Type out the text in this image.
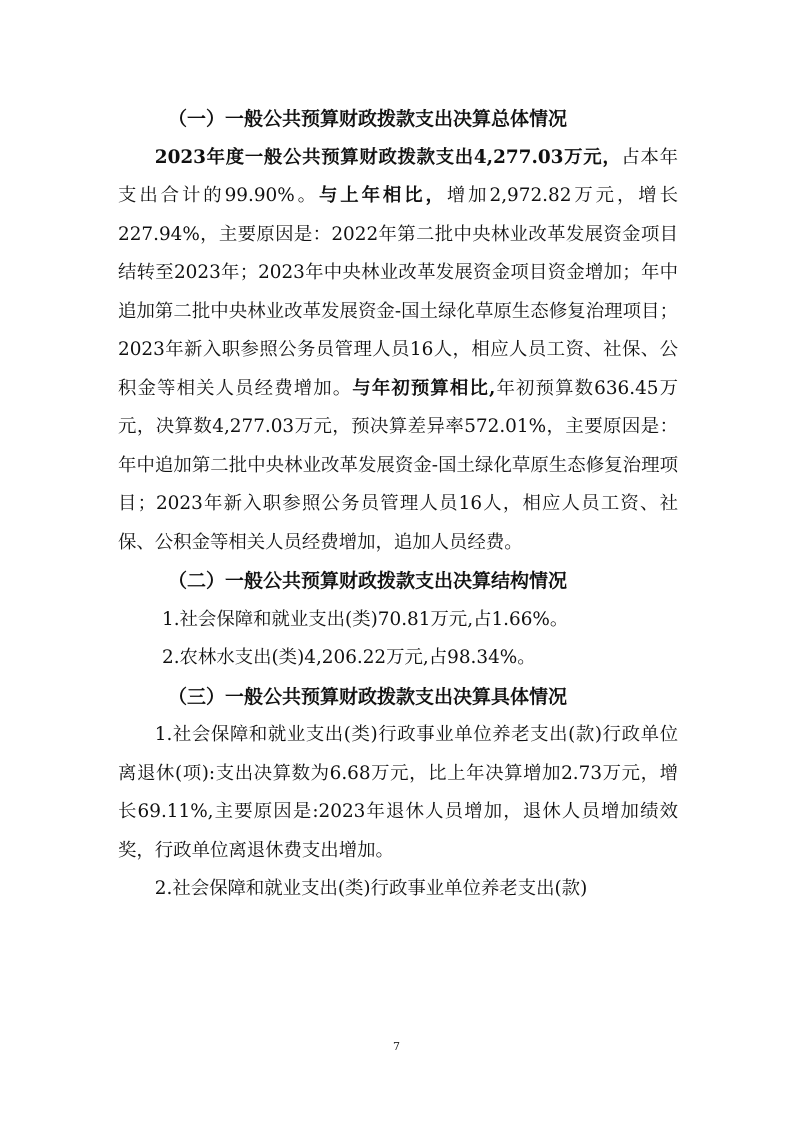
（一）一般公共预算财政拨款支出决算总体情况

2023年度一般公共预算财政拨款支出4,277.03万元，占本年支出合计的99.90%。与上年相比，增加2,972.82万元，增长227.94%，主要原因是：2022年第二批中央林业改革发展资金项目结转至2023年；2023年中央林业改革发展资金项目资金增加；年中追加第二批中央林业改革发展资金-国土绿化草原生态修复治理项目；2023年新入职参照公务员管理人员16人，相应人员工资、社保、公积金等相关人员经费增加。与年初预算相比,年初预算数636.45万元，决算数4,277.03万元，预决算差异率572.01%，主要原因是：年中追加第二批中央林业改革发展资金-国土绿化草原生态修复治理项目；2023年新入职参照公务员管理人员16人，相应人员工资、社保、公积金等相关人员经费增加，追加人员经费。

（二）一般公共预算财政拨款支出决算结构情况

1.社会保障和就业支出(类)70.81万元,占1.66%。

2.农林水支出(类)4,206.22万元,占98.34%。

（三）一般公共预算财政拨款支出决算具体情况

1.社会保障和就业支出(类)行政事业单位养老支出(款)行政单位离退休(项):支出决算数为6.68万元，比上年决算增加2.73万元，增长69.11%,主要原因是:2023年退休人员增加，退休人员增加绩效奖，行政单位离退休费支出增加。

2.社会保障和就业支出(类)行政事业单位养老支出(款)

7
